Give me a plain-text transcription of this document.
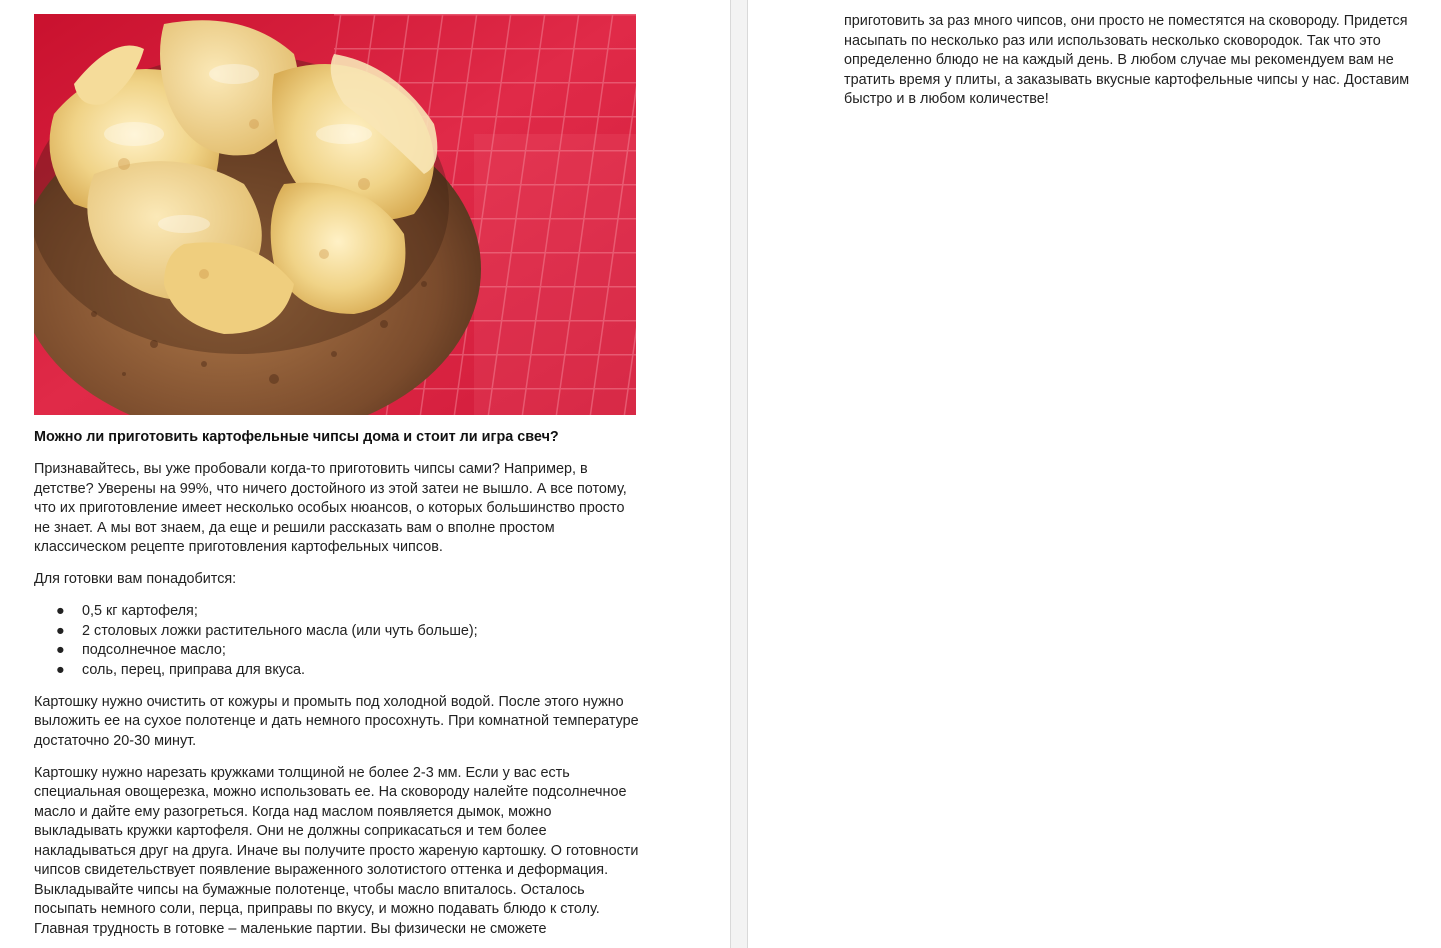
Можно ли приготовить картофельные чипсы дома и стоит ли игра свеч?

Признавайтесь, вы уже пробовали когда-то приготовить чипсы сами? Например, в детстве? Уверены на 99%, что ничего достойного из этой затеи не вышло. А все потому, что их приготовление имеет несколько особых нюансов, о которых большинство просто не знает. А мы вот знаем, да еще и решили рассказать вам о вполне простом классическом рецепте приготовления картофельных чипсов.

Для готовки вам понадобится:

● 0,5 кг картофеля;
● 2 столовых ложки растительного масла (или чуть больше);
● подсолнечное масло;
● соль, перец, приправа для вкуса.

Картошку нужно очистить от кожуры и промыть под холодной водой. После этого нужно выложить ее на сухое полотенце и дать немного просохнуть. При комнатной температуре достаточно 20-30 минут.

Картошку нужно нарезать кружками толщиной не более 2-3 мм. Если у вас есть специальная овощерезка, можно использовать ее. На сковороду налейте подсолнечное масло и дайте ему разогреться. Когда над маслом появляется дымок, можно выкладывать кружки картофеля. Они не должны соприкасаться и тем более накладываться друг на друга. Иначе вы получите просто жареную картошку. О готовности чипсов свидетельствует появление выраженного золотистого оттенка и деформация. Выкладывайте чипсы на бумажные полотенце, чтобы масло впиталось. Осталось посыпать немного соли, перца, приправы по вкусу, и можно подавать блюдо к столу. Главная трудность в готовке – маленькие партии. Вы физически не сможете

приготовить за раз много чипсов, они просто не поместятся на сковороду. Придется насыпать по несколько раз или использовать несколько сковородок. Так что это определенно блюдо не на каждый день. В любом случае мы рекомендуем вам не тратить время у плиты, а заказывать вкусные картофельные чипсы у нас. Доставим быстро и в любом количестве!
